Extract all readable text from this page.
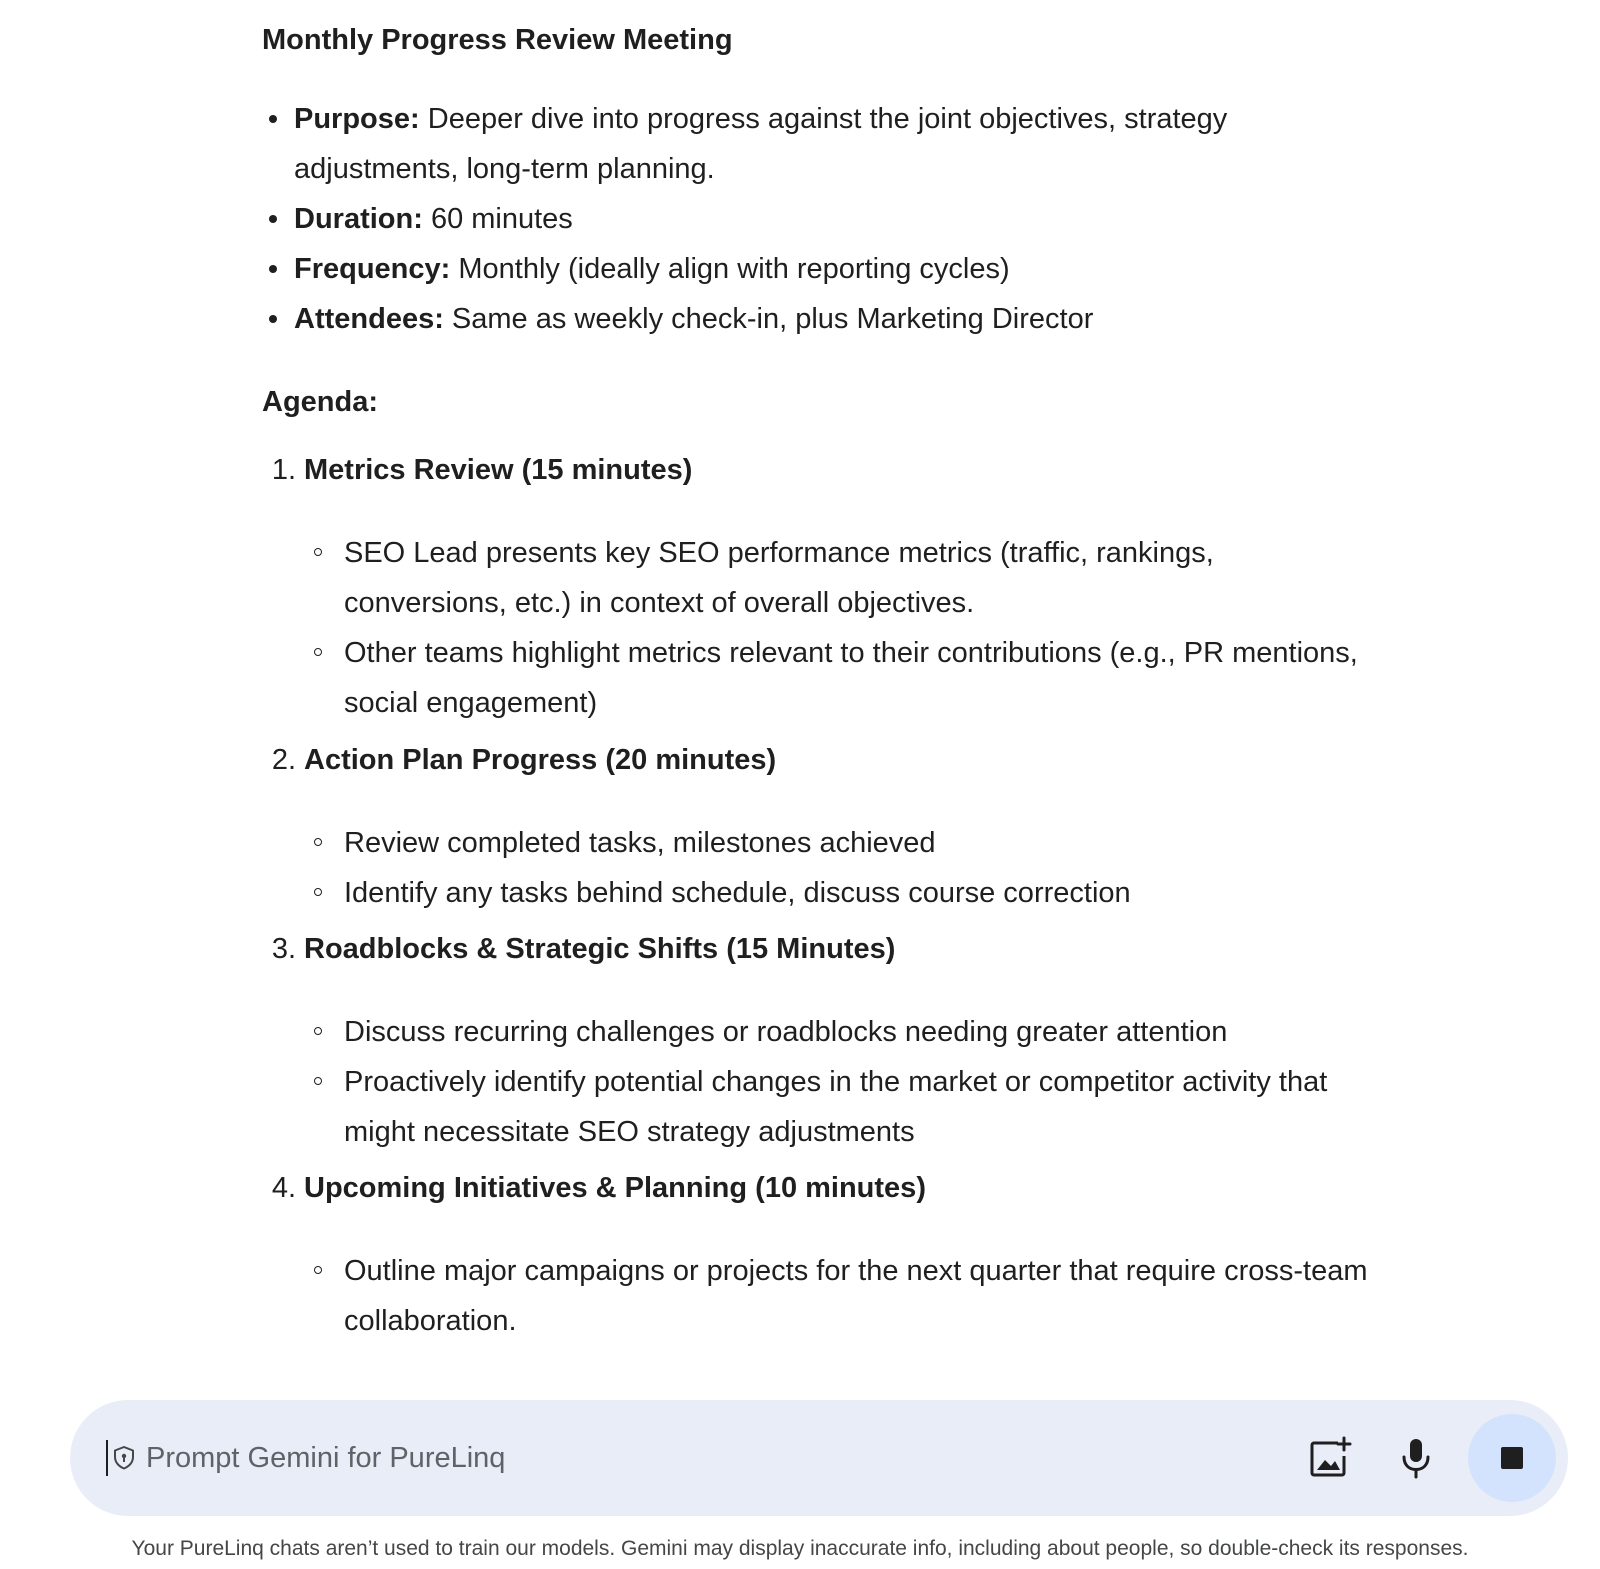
Monthly Progress Review Meeting
Purpose: Deeper dive into progress against the joint objectives, strategy adjustments, long-term planning.
Duration: 60 minutes
Frequency: Monthly (ideally align with reporting cycles)
Attendees: Same as weekly check-in, plus Marketing Director
Agenda:
1. Metrics Review (15 minutes)
SEO Lead presents key SEO performance metrics (traffic, rankings, conversions, etc.) in context of overall objectives.
Other teams highlight metrics relevant to their contributions (e.g., PR mentions, social engagement)
2. Action Plan Progress (20 minutes)
Review completed tasks, milestones achieved
Identify any tasks behind schedule, discuss course correction
3. Roadblocks & Strategic Shifts (15 Minutes)
Discuss recurring challenges or roadblocks needing greater attention
Proactively identify potential changes in the market or competitor activity that might necessitate SEO strategy adjustments
4. Upcoming Initiatives & Planning (10 minutes)
Outline major campaigns or projects for the next quarter that require cross-team collaboration.
Prompt Gemini for PureLinq
Your PureLinq chats aren’t used to train our models. Gemini may display inaccurate info, including about people, so double-check its responses.
